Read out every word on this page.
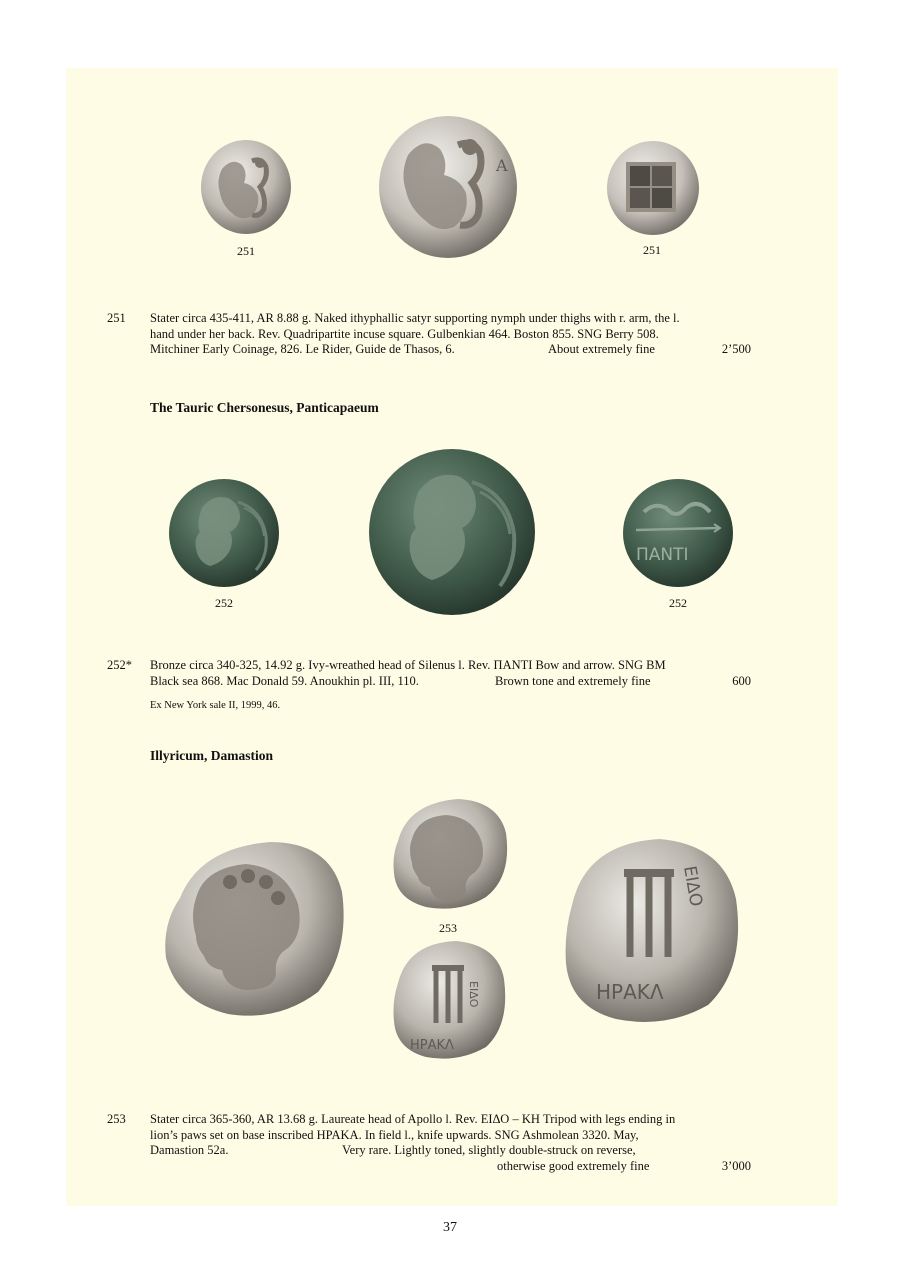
Α
251	251
251 Stater circa 435-411, AR 8.88 g. Naked ithyphallic satyr supporting nymph under thighs with r. arm, the l.
hand under her back. Rev. Quadripartite incuse square. Gulbenkian 464. Boston 855. SNG Berry 508.
Mitchiner Early Coinage, 826. Le Rider, Guide de Thasos, 6.	About extremely fine	2’500
The Tauric Chersonesus, Panticapaeum
ΠΑΝΤΙ
252	252
252* Bronze circa 340-325, 14.92 g. Ivy-wreathed head of Silenus l. Rev. ΠΑΝΤΙ Bow and arrow. SNG BM
Black sea 868. Mac Donald 59. Anoukhin pl. III, 110.	Brown tone and extremely fine	600
Ex New York sale II, 1999, 46.
Illyricum, Damastion
253
ΕΙΔΟ
ΗΡΑΚΛ
ΕΙΔΟ
ΗΡΑΚΛ
253 Stater circa 365-360, AR 13.68 g. Laureate head of Apollo l. Rev. ΕΙΔΟ – ΚΗ Tripod with legs ending in
lion’s paws set on base inscribed ΗΡΑΚΑ. In field l., knife upwards. SNG Ashmolean 3320. May,
Damastion 52a.	Very rare. Lightly toned, slightly double-struck on reverse,
otherwise good extremely fine	3’000
37
